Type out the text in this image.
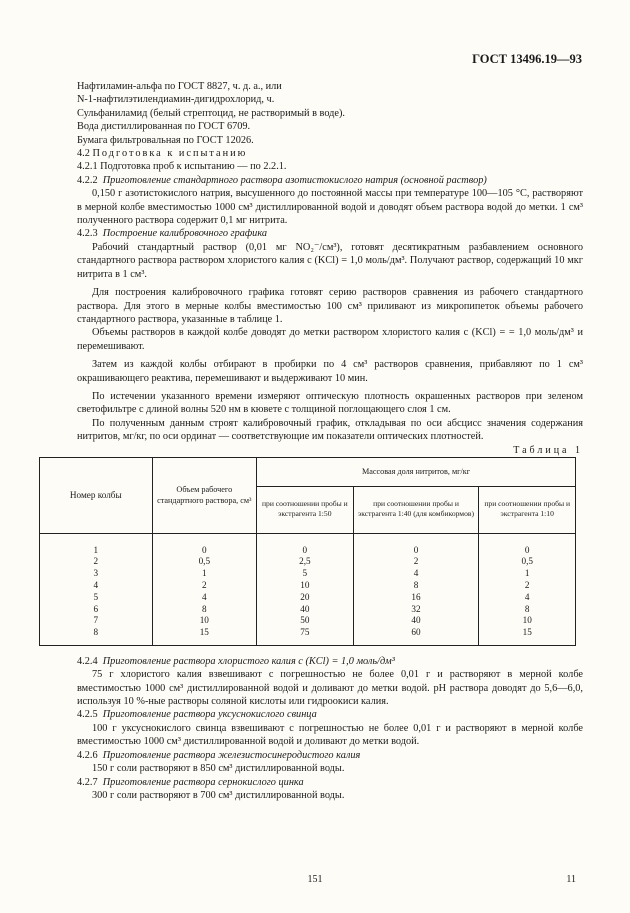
ГОСТ 13496.19—93

Нафтиламин-альфа по ГОСТ 8827, ч. д. а., или

N-1-нафтилэтилендиамин-дигидрохлорид, ч.

Сульфаниламид (белый стрептоцид, не растворимый в воде).

Вода дистиллированная по ГОСТ 6709.

Бумага фильтровальная по ГОСТ 12026.

4.2 Подготовка к испытанию

4.2.1 Подготовка проб к испытанию — по 2.2.1.

4.2.2 Приготовление стандартного раствора азотистокислого натрия (основной раствор)

0,150 г азотистокислого натрия, высушенного до постоянной массы при температуре 100—105 °С, растворяют в мерной колбе вместимостью 1000 см³ дистиллированной водой и доводят объем раствора водой до метки. 1 см³ полученного раствора содержит 0,1 мг нитрита.

4.2.3 Построение калибровочного графика

Рабочий стандартный раствор (0,01 мг NO₂⁻/см³), готовят десятикратным разбавлением основного стандартного раствора раствором хлористого калия c (KCl) = 1,0 моль/дм³. Получают раствор, содержащий 10 мкг нитрита в 1 см³.

Для построения калибровочного графика готовят серию растворов сравнения из рабочего стандартного раствора. Для этого в мерные колбы вместимостью 100 см³ приливают из микропипеток объемы рабочего стандартного раствора, указанные в таблице 1.

Объемы растворов в каждой колбе доводят до метки раствором хлористого калия c (KCl) = = 1,0 моль/дм³ и перемешивают.

Затем из каждой колбы отбирают в пробирки по 4 см³ растворов сравнения, прибавляют по 1 см³ окрашивающего реактива, перемешивают и выдерживают 10 мин.

По истечении указанного времени измеряют оптическую плотность окрашенных растворов при зеленом светофильтре с длиной волны 520 нм в кювете с толщиной поглощающего слоя 1 см.

По полученным данным строят калибровочный график, откладывая по оси абсцисс значения содержания нитритов, мг/кг, по оси ординат — соответствующие им показатели оптических плотностей.

Таблица 1

Номер колбы	Объем рабочего стандартного раствора, см³	Массовая доля нитритов, мг/кг		
		при соотношении пробы и экстрагента 1:50	при соотношении пробы и экстрагента 1:40 (для комбикормов)	при соотношении пробы и экстрагента 1:10
1	0	0	0	0
2	0,5	2,5	2	0,5
3	1	5	4	1
4	2	10	8	2
5	4	20	16	4
6	8	40	32	8
7	10	50	40	10
8	15	75	60	15

4.2.4 Приготовление раствора хлористого калия c (KCl) = 1,0 моль/дм³

75 г хлористого калия взвешивают с погрешностью не более 0,01 г и растворяют в мерной колбе вместимостью 1000 см³ дистиллированной водой и доливают до метки водой. pH раствора доводят до 5,6—6,0, используя 10 %-ные растворы соляной кислоты или гидроокиси калия.

4.2.5 Приготовление раствора уксуснокислого свинца

100 г уксуснокислого свинца взвешивают с погрешностью не более 0,01 г и растворяют в мерной колбе вместимостью 1000 см³ дистиллированной водой и доливают до метки водой.

4.2.6 Приготовление раствора железистосинеродистого калия

150 г соли растворяют в 850 см³ дистиллированной воды.

4.2.7 Приготовление раствора сернокислого цинка

300 г соли растворяют в 700 см³ дистиллированной воды.

151	11
